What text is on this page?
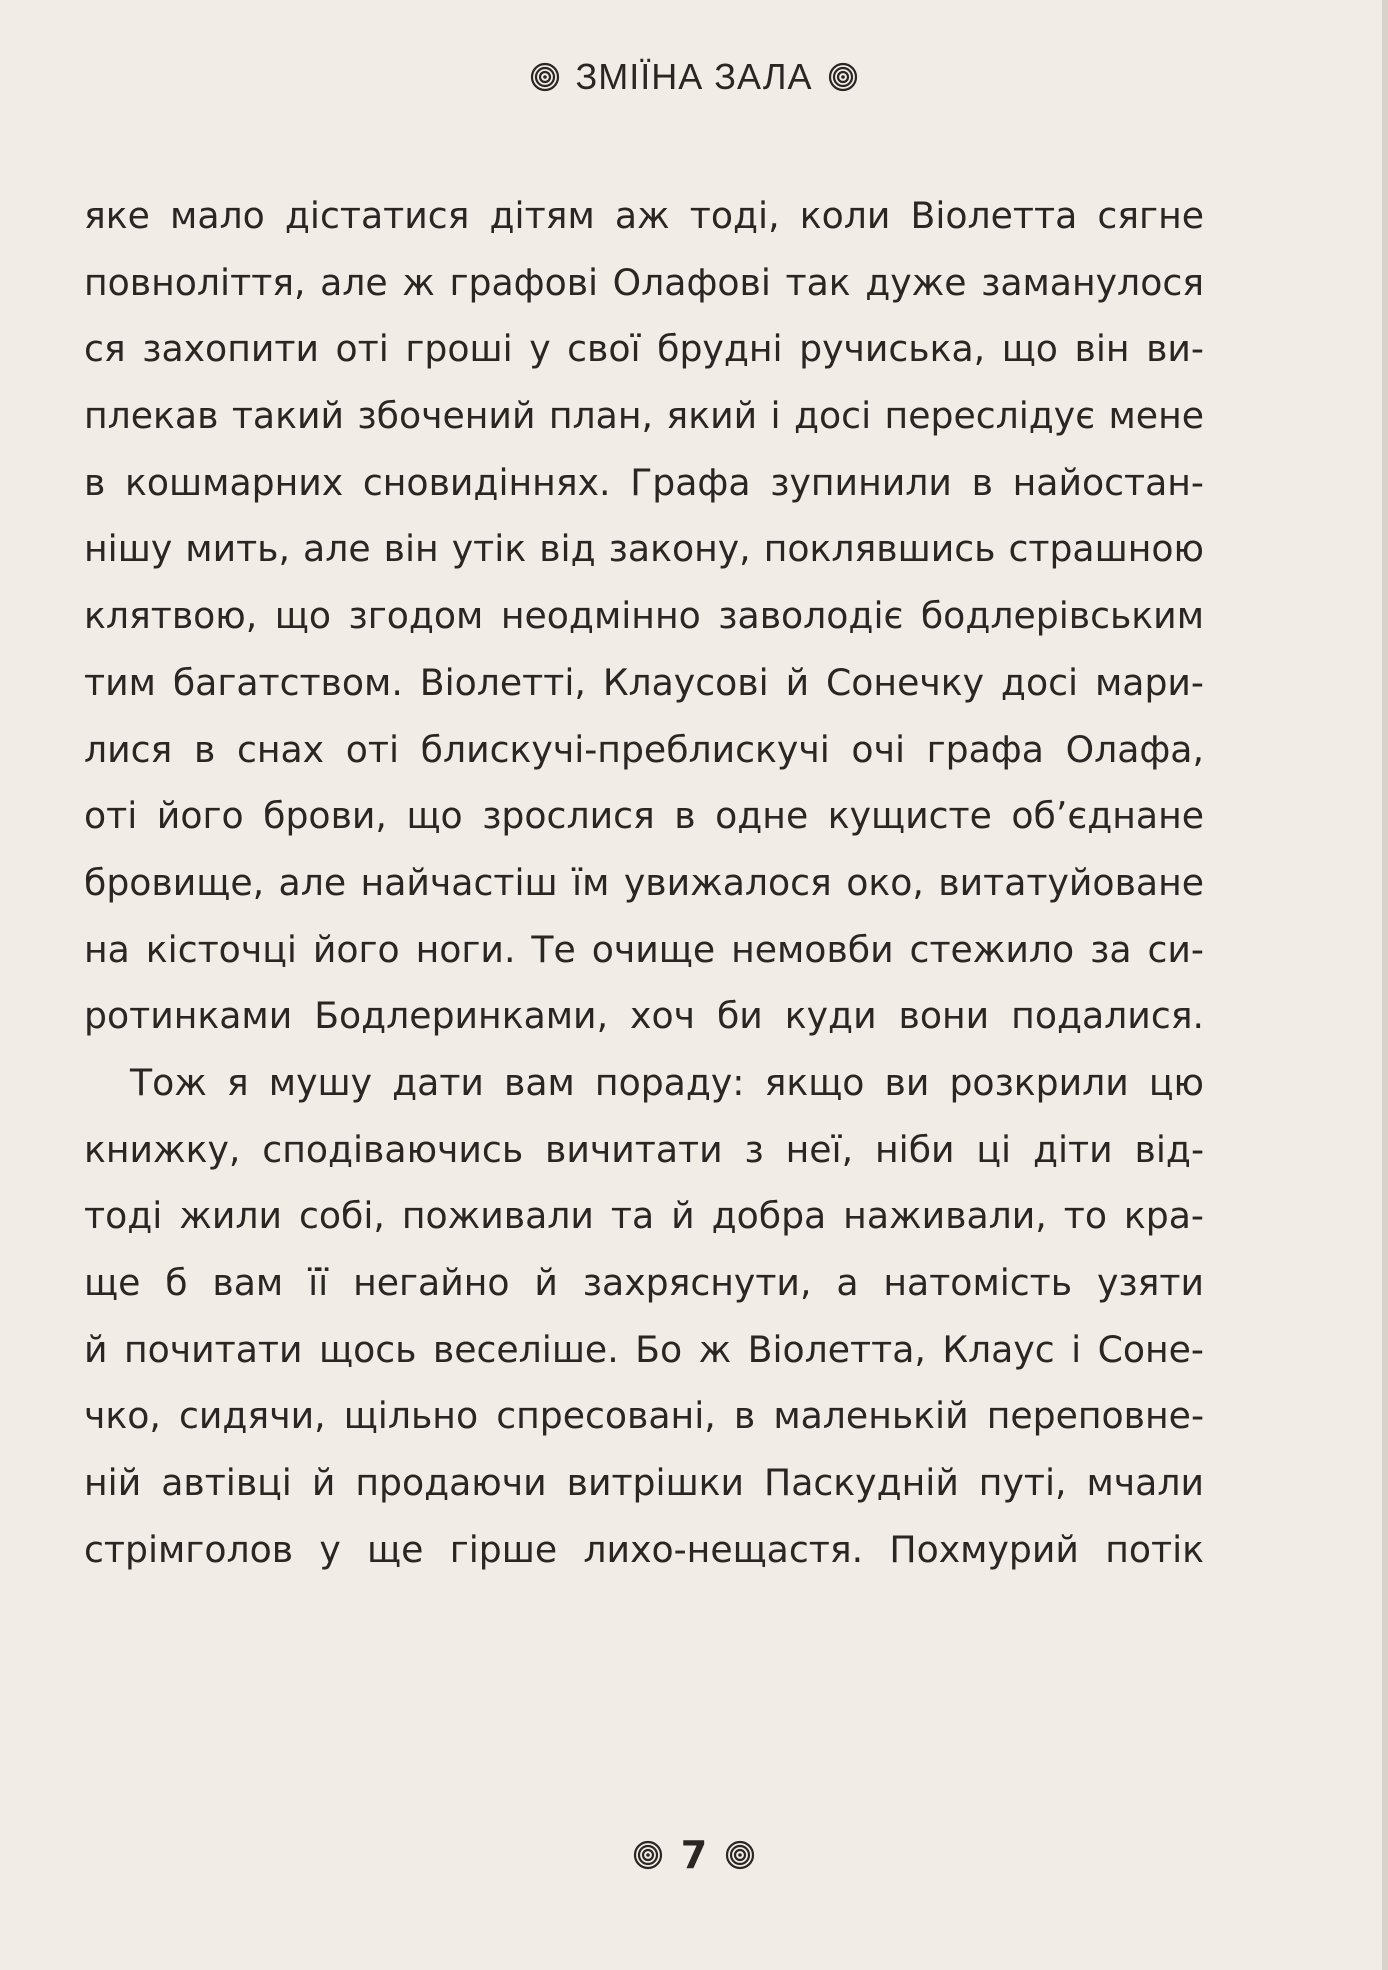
ЗМІЇНА ЗАЛА

яке мало дістатися дітям аж тоді, коли Віолетта сягне
повноліття, але ж графові Олафові так дуже заманулося
ся захопити оті гроші у свої брудні ручиська, що він ви-
плекав такий збочений план, який і досі переслідує мене
в кошмарних сновидіннях. Графа зупинили в найостан-
нішу мить, але він утік від закону, поклявшись страшною
клятвою, що згодом неодмінно заволодіє бодлерівським
тим багатством. Віолетті, Клаусові й Сонечку досі мари-
лися в снах оті блискучі-преблискучі очі графа Олафа,
оті його брови, що зрослися в одне кущисте об’єднане
бровище, але найчастіш їм увижалося око, витатуйоване
на кісточці його ноги. Те очище немовби стежило за си-
ротинками Бодлеринками, хоч би куди вони подалися.

Тож я мушу дати вам пораду: якщо ви розкрили цю
книжку, сподіваючись вичитати з неї, ніби ці діти від-
тоді жили собі, поживали та й добра наживали, то кра-
ще б вам її негайно й захряснути, а натомість узяти
й почитати щось веселіше. Бо ж Віолетта, Клаус і Соне-
чко, сидячи, щільно спресовані, в маленькій переповне-
ній автівці й продаючи витрішки Паскудній путі, мчали
стрімголов у ще гірше лихо-нещастя. Похмурий потік

7
